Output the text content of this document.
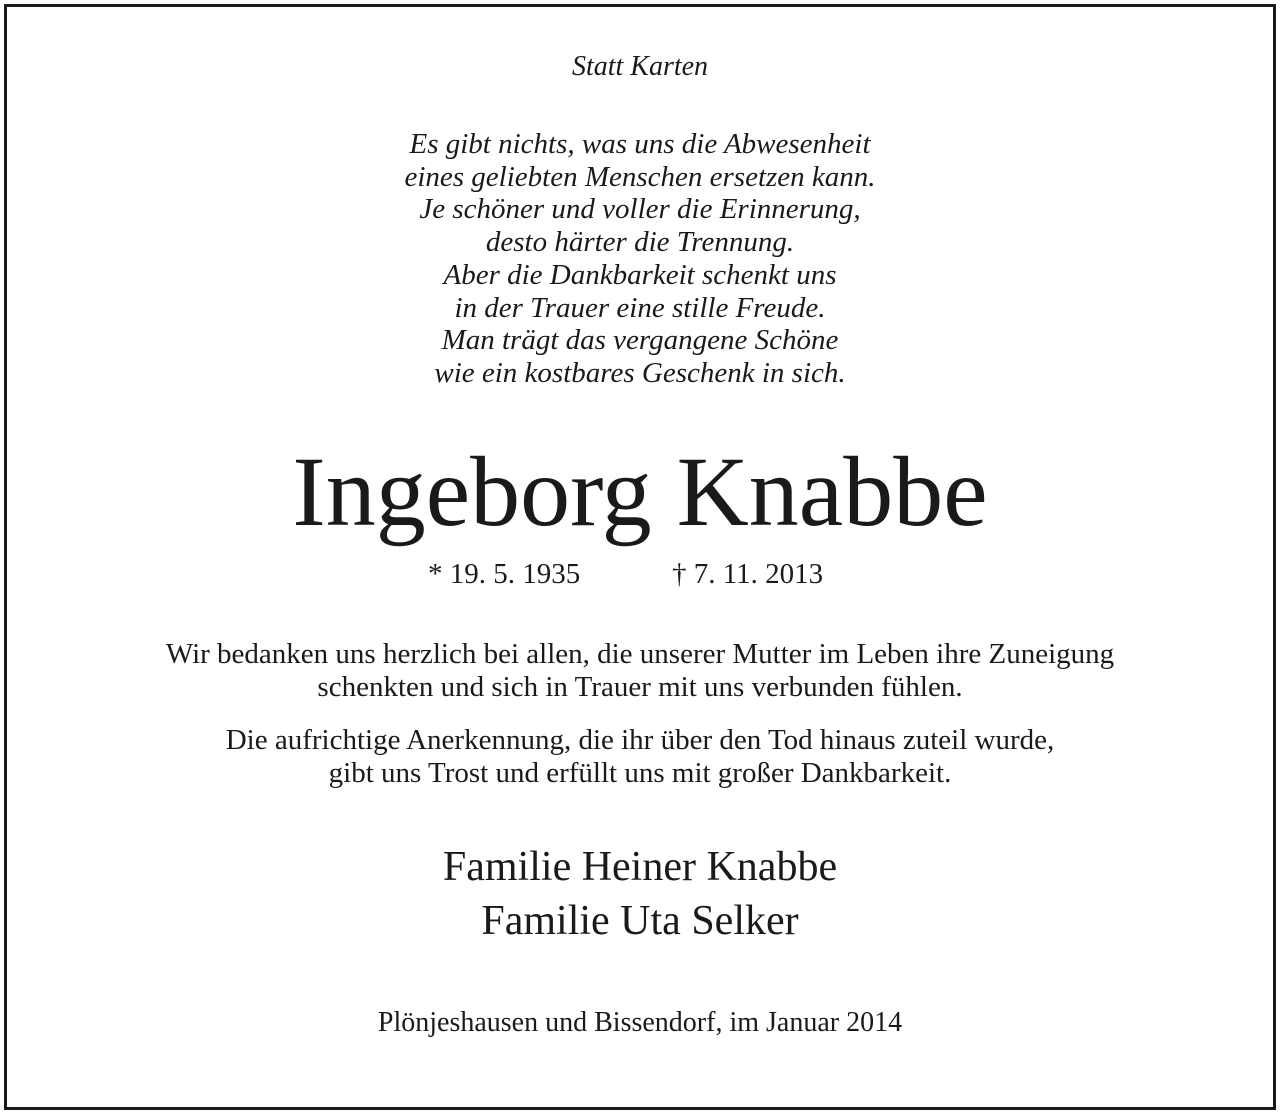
Statt Karten
Es gibt nichts, was uns die Abwesenheit
eines geliebten Menschen ersetzen kann.
Je schöner und voller die Erinnerung,
desto härter die Trennung.
Aber die Dankbarkeit schenkt uns
in der Trauer eine stille Freude.
Man trägt das vergangene Schöne
wie ein kostbares Geschenk in sich.
Ingeborg Knabbe
* 19. 5. 1935	† 7. 11. 2013
Wir bedanken uns herzlich bei allen, die unserer Mutter im Leben ihre Zuneigung
schenkten und sich in Trauer mit uns verbunden fühlen.
Die aufrichtige Anerkennung, die ihr über den Tod hinaus zuteil wurde,
gibt uns Trost und erfüllt uns mit großer Dankbarkeit.
Familie Heiner Knabbe
Familie Uta Selker
Plönjeshausen und Bissendorf, im Januar 2014
